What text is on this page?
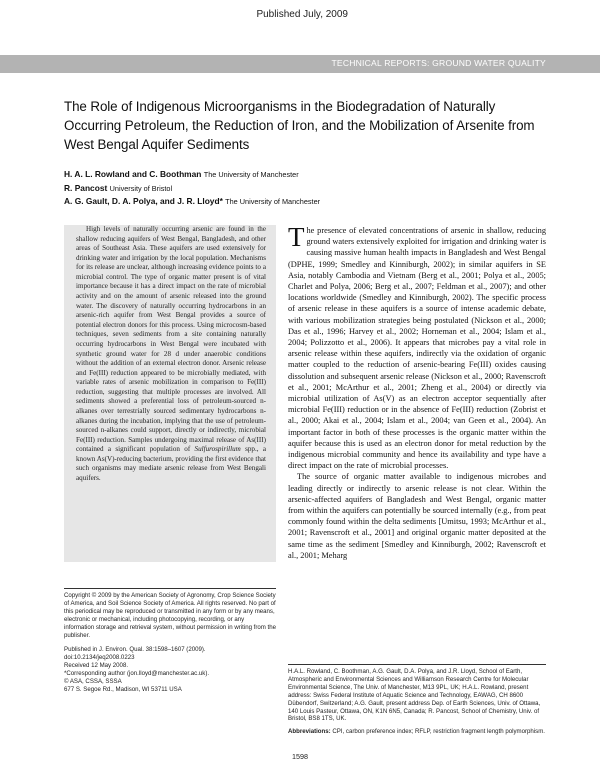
Published July, 2009
TECHNICAL REPORTS: GROUND WATER QUALITY
The Role of Indigenous Microorganisms in the Biodegradation of Naturally Occurring Petroleum, the Reduction of Iron, and the Mobilization of Arsenite from West Bengal Aquifer Sediments
H. A. L. Rowland and C. Boothman The University of Manchester
R. Pancost University of Bristol
A. G. Gault, D. A. Polya, and J. R. Lloyd* The University of Manchester

High levels of naturally occurring arsenic are found in the shallow reducing aquifers of West Bengal, Bangladesh, and other areas of Southeast Asia. These aquifers are used extensively for drinking water and irrigation by the local population. Mechanisms for its release are unclear, although increasing evidence points to a microbial control. The type of organic matter present is of vital importance because it has a direct impact on the rate of microbial activity and on the amount of arsenic released into the ground water. The discovery of naturally occurring hydrocarbons in an arsenic-rich aquifer from West Bengal provides a source of potential electron donors for this process. Using microcosm-based techniques, seven sediments from a site containing naturally occurring hydrocarbons in West Bengal were incubated with synthetic ground water for 28 d under anaerobic conditions without the addition of an external electron donor. Arsenic release and Fe(III) reduction appeared to be microbially mediated, with variable rates of arsenic mobilization in comparison to Fe(III) reduction, suggesting that multiple processes are involved. All sediments showed a preferential loss of petroleum-sourced n-alkanes over terrestrially sourced sedimentary hydrocarbons n-alkanes during the incubation, implying that the use of petroleum-sourced n-alkanes could support, directly or indirectly, microbial Fe(III) reduction. Samples undergoing maximal release of As(III) contained a significant population of Sulfurospirillum spp., a known As(V)-reducing bacterium, providing the first evidence that such organisms may mediate arsenic release from West Bengali aquifers.

Copyright © 2009 by the American Society of Agronomy, Crop Science Society of America, and Soil Science Society of America. All rights reserved. No part of this periodical may be reproduced or transmitted in any form or by any means, electronic or mechanical, including photocopying, recording, or any information storage and retrieval system, without permission in writing from the publisher.

Published in J. Environ. Qual. 38:1598–1607 (2009).

doi:10.2134/jeq2008.0223

Received 12 May 2008.

*Corresponding author (jon.lloyd@manchester.ac.uk).

© ASA, CSSA, SSSA

677 S. Segoe Rd., Madison, WI 53711 USA

The presence of elevated concentrations of arsenic in shallow, reducing ground waters extensively exploited for irrigation and drinking water is causing massive human health impacts in Bangladesh and West Bengal (DPHE, 1999; Smedley and Kinniburgh, 2002); in similar aquifers in SE Asia, notably Cambodia and Vietnam (Berg et al., 2001; Polya et al., 2005; Charlet and Polya, 2006; Berg et al., 2007; Feldman et al., 2007); and other locations worldwide (Smedley and Kinniburgh, 2002). The specific process of arsenic release in these aquifers is a source of intense academic debate, with various mobilization strategies being postulated (Nickson et al., 2000; Das et al., 1996; Harvey et al., 2002; Horneman et al., 2004; Islam et al., 2004; Polizzotto et al., 2006). It appears that microbes pay a vital role in arsenic release within these aquifers, indirectly via the oxidation of organic matter coupled to the reduction of arsenic-bearing Fe(III) oxides causing dissolution and subsequent arsenic release (Nickson et al., 2000; Ravenscroft et al., 2001; McArthur et al., 2001; Zheng et al., 2004) or directly via microbial utilization of As(V) as an electron acceptor sequentially after microbial Fe(III) reduction or in the absence of Fe(III) reduction (Zobrist et al., 2000; Akai et al., 2004; Islam et al., 2004; van Geen et al., 2004). An important factor in both of these processes is the organic matter within the aquifer because this is used as an electron donor for metal reduction by the indigenous microbial community and hence its availability and type have a direct impact on the rate of microbial processes.

The source of organic matter available to indigenous microbes and leading directly or indirectly to arsenic release is not clear. Within the arsenic-affected aquifers of Bangladesh and West Bengal, organic matter from within the aquifers can potentially be sourced internally (e.g., from peat commonly found within the delta sediments [Umitsu, 1993; McArthur et al., 2001; Ravenscroft et al., 2001] and original organic matter deposited at the same time as the sediment [Smedley and Kinniburgh, 2002; Ravenscroft et al., 2001; Meharg

H.A.L. Rowland, C. Boothman, A.G. Gault, D.A. Polya, and J.R. Lloyd, School of Earth, Atmospheric and Environmental Sciences and Williamson Research Centre for Molecular Environmental Science, The Univ. of Manchester, M13 9PL, UK; H.A.L. Rowland, present address: Swiss Federal Institute of Aquatic Science and Technology, EAWAG, CH 8600 Dübendorf, Switzerland; A.G. Gault, present address Dep. of Earth Sciences, Univ. of Ottawa, 140 Louis Pasteur, Ottawa, ON, K1N 6N5, Canada; R. Pancost, School of Chemistry, Univ. of Bristol, BS8 1TS, UK.

Abbreviations: CPI, carbon preference index; RFLP, restriction fragment length polymorphism.

1598
